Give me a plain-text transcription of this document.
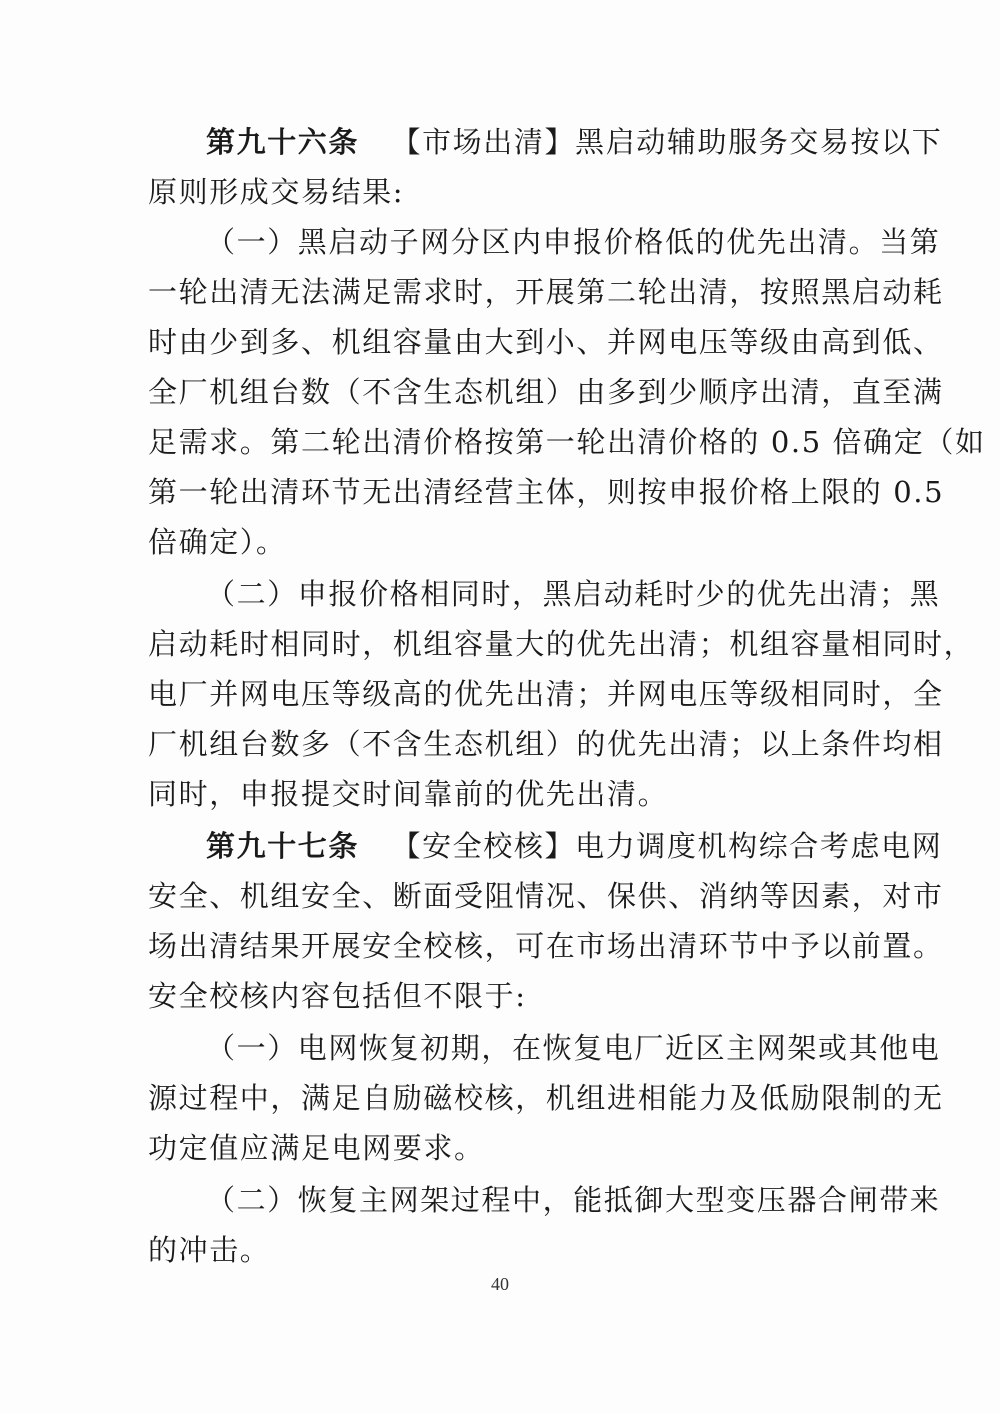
第九十六条 【市场出清】黑启动辅助服务交易按以下
原则形成交易结果:
（一）黑启动子网分区内申报价格低的优先出清。当第
一轮出清无法满足需求时，开展第二轮出清，按照黑启动耗
时由少到多、机组容量由大到小、并网电压等级由高到低、
全厂机组台数（不含生态机组）由多到少顺序出清，直至满
足需求。第二轮出清价格按第一轮出清价格的 0.5 倍确定（如
第一轮出清环节无出清经营主体，则按申报价格上限的 0.5
倍确定）。
（二）申报价格相同时，黑启动耗时少的优先出清；黑
启动耗时相同时，机组容量大的优先出清；机组容量相同时，
电厂并网电压等级高的优先出清；并网电压等级相同时，全
厂机组台数多（不含生态机组）的优先出清；以上条件均相
同时，申报提交时间靠前的优先出清。
第九十七条 【安全校核】电力调度机构综合考虑电网
安全、机组安全、断面受阻情况、保供、消纳等因素，对市
场出清结果开展安全校核，可在市场出清环节中予以前置。
安全校核内容包括但不限于:
（一）电网恢复初期，在恢复电厂近区主网架或其他电
源过程中，满足自励磁校核，机组进相能力及低励限制的无
功定值应满足电网要求。
（二）恢复主网架过程中，能抵御大型变压器合闸带来
的冲击。
40
